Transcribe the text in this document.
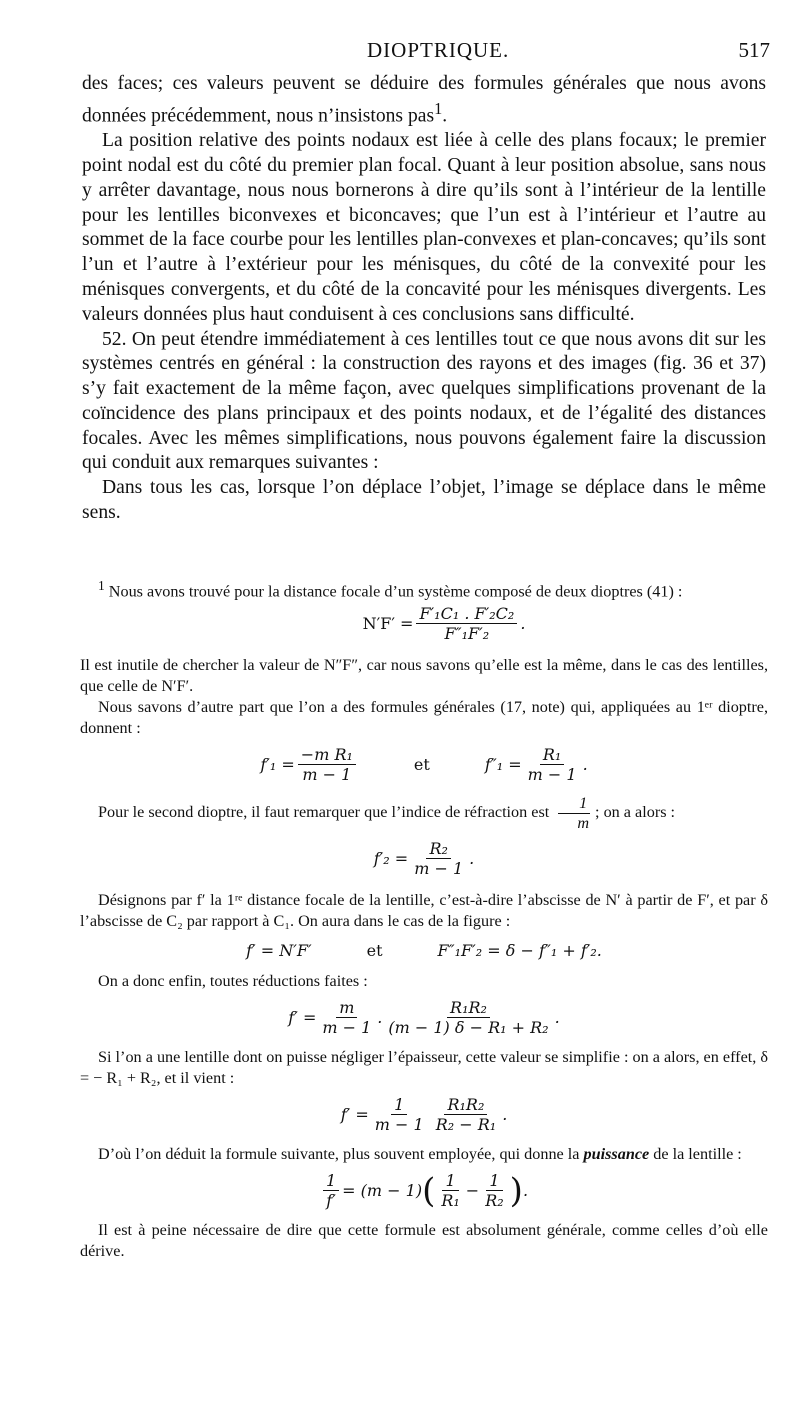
DIOPTRIQUE.	517

des faces; ces valeurs peuvent se déduire des formules générales que nous avons données précédemment, nous n’insistons pas$^1$.

La position relative des points nodaux est liée à celle des plans focaux; le premier point nodal est du côté du premier plan focal. Quant à leur position absolue, sans nous y arrêter davantage, nous nous bornerons à dire qu’ils sont à l’intérieur de la lentille pour les lentilles biconvexes et biconcaves; que l’un est à l’intérieur et l’autre au sommet de la face courbe pour les lentilles plan-convexes et plan-concaves; qu’ils sont l’un et l’autre à l’extérieur pour les ménisques, du côté de la convexité pour les ménisques convergents, et du côté de la concavité pour les ménisques divergents. Les valeurs données plus haut conduisent à ces conclusions sans difficulté.

52. On peut étendre immédiatement à ces lentilles tout ce que nous avons dit sur les systèmes centrés en général : la construction des rayons et des images (fig. 36 et 37) s’y fait exactement de la même façon, avec quelques simplifications provenant de la coïncidence des plans principaux et des points nodaux, et de l’égalité des distances focales. Avec les mêmes simplifications, nous pouvons également faire la discussion qui conduit aux remarques suivantes :

Dans tous les cas, lorsque l’on déplace l’objet, l’image se déplace dans le même sens.

$^1$ Nous avons trouvé pour la distance focale d’un système composé de deux dioptres (41) :

$N'F' = \frac{\text{F′₁C₁ . F′₂C₂}}{\text{F″₁F′₂}}$ .

Il est inutile de chercher la valeur de N″F″, car nous savons qu’elle est la même, dans le cas des lentilles, que celle de N′F′.

Nous savons d’autre part que l’on a des formules générales (17, note) qui, appliquées au 1ᵉʳ dioptre, donnent :

$f'_1 = \frac{\text{−m R₁}}{m - 1}$	et	$f''_1 = \frac{\text{R₁}}{m - 1}$ .

Pour le second dioptre, il faut remarquer que l’indice de réfraction est $\frac{1}{m}$ ; on a alors :

$f'_2 = \frac{\text{R₂}}{m - 1}$ .

Désignons par f′ la 1ʳᵉ distance focale de la lentille, c’est-à-dire l’abscisse de N′ à partir de F′, et par δ l’abscisse de C₂ par rapport à C₁. On aura dans le cas de la figure :

f′ = N′F′	et	F″₁F′₂ = δ − f″₁ + f′₂.

On a donc enfin, toutes réductions faites :

$f' = \frac{m}{m - 1}$ . $\frac{\text{R₁R₂}}{\text{(m − 1) δ − R₁ + R₂}}$ .

Si l’on a une lentille dont on puisse négliger l’épaisseur, cette valeur se simplifie : on a alors, en effet, δ = − R₁ + R₂, et il vient :

$f' = \frac{1}{m - 1} \frac{\text{R₁R₂}}{\text{R₂ − R₁}}$ .

D’où l’on déduit la formule suivante, plus souvent employée, qui donne la puissance de la lentille :

$\frac{1}{f'} = (m - 1)$ ( $\frac{1}{\text{R₁}} - \frac{1}{\text{R₂}}$ ) .

Il est à peine nécessaire de dire que cette formule est absolument générale, comme celles d’où elle dérive.
